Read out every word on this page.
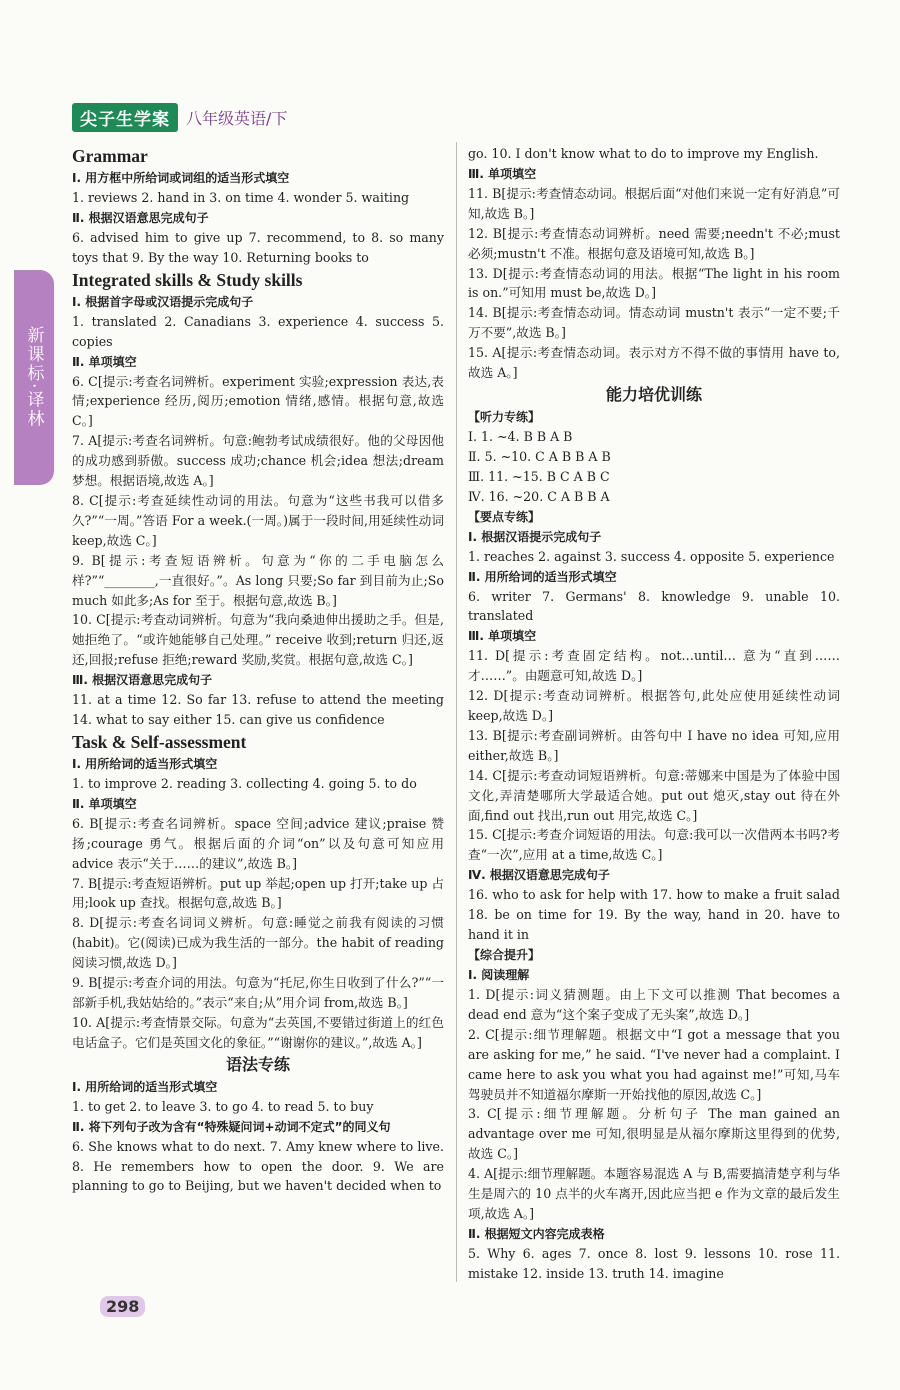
尖子生学案	八年级英语/下
新课标·译林
Grammar
Ⅰ. 用方框中所给词或词组的适当形式填空
1. reviews 2. hand in 3. on time 4. wonder 5. waiting
Ⅱ. 根据汉语意思完成句子
6. advised him to give up 7. recommend, to 8. so many toys that 9. By the way 10. Returning books to
Integrated skills & Study skills
Ⅰ. 根据首字母或汉语提示完成句子
1. translated 2. Canadians 3. experience 4. success 5. copies
Ⅱ. 单项填空
6. C[提示:考查名词辨析。experiment 实验;expression 表达,表情;experience 经历,阅历;emotion 情绪,感情。根据句意,故选 C。]
7. A[提示:考查名词辨析。句意:鲍勃考试成绩很好。他的父母因他的成功感到骄傲。success 成功;chance 机会;idea 想法;dream 梦想。根据语境,故选 A。]
8. C[提示:考查延续性动词的用法。句意为“这些书我可以借多久?”“一周。”答语 For a week.(一周。)属于一段时间,用延续性动词 keep,故选 C。]
9. B[提示:考查短语辨析。句意为“你的二手电脑怎么样?”“________,一直很好。”。As long 只要;So far 到目前为止;So much 如此多;As for 至于。根据句意,故选 B。]
10. C[提示:考查动词辨析。句意为“我向桑迪伸出援助之手。但是,她拒绝了。“或许她能够自己处理。” receive 收到;return 归还,返还,回报;refuse 拒绝;reward 奖励,奖赏。根据句意,故选 C。]
Ⅲ. 根据汉语意思完成句子
11. at a time 12. So far 13. refuse to attend the meeting 14. what to say either 15. can give us confidence
Task & Self-assessment
Ⅰ. 用所给词的适当形式填空
1. to improve 2. reading 3. collecting 4. going 5. to do
Ⅱ. 单项填空
6. B[提示:考查名词辨析。space 空间;advice 建议;praise 赞扬;courage 勇气。根据后面的介词“on”以及句意可知应用 advice 表示“关于……的建议”,故选 B。]
7. B[提示:考查短语辨析。put up 举起;open up 打开;take up 占用;look up 查找。根据句意,故选 B。]
8. D[提示:考查名词词义辨析。句意:睡觉之前我有阅读的习惯(habit)。它(阅读)已成为我生活的一部分。the habit of reading 阅读习惯,故选 D。]
9. B[提示:考查介词的用法。句意为“托尼,你生日收到了什么?”“一部新手机,我姑姑给的。”表示“来自;从”用介词 from,故选 B。]
10. A[提示:考查情景交际。句意为“去英国,不要错过街道上的红色电话盒子。它们是英国文化的象征。”“谢谢你的建议。”,故选 A。]
语法专练
Ⅰ. 用所给词的适当形式填空
1. to get 2. to leave 3. to go 4. to read 5. to buy
Ⅱ. 将下列句子改为含有“特殊疑问词+动词不定式”的同义句
6. She knows what to do next. 7. Amy knew where to live. 8. He remembers how to open the door. 9. We are planning to go to Beijing, but we haven't decided when to
go. 10. I don't know what to do to improve my English.
Ⅲ. 单项填空
11. B[提示:考查情态动词。根据后面“对他们来说一定有好消息”可知,故选 B。]
12. B[提示:考查情态动词辨析。need 需要;needn't 不必;must 必须;mustn't 不准。根据句意及语境可知,故选 B。]
13. D[提示:考查情态动词的用法。根据“The light in his room is on.”可知用 must be,故选 D。]
14. B[提示:考查情态动词。情态动词 mustn't 表示“一定不要;千万不要”,故选 B。]
15. A[提示:考查情态动词。表示对方不得不做的事情用 have to,故选 A。]
能力培优训练
【听力专练】
Ⅰ. 1. ~4. B B A B
Ⅱ. 5. ~10. C A B B A B
Ⅲ. 11. ~15. B C A B C
Ⅳ. 16. ~20. C A B B A
【要点专练】
Ⅰ. 根据汉语提示完成句子
1. reaches 2. against 3. success 4. opposite 5. experience
Ⅱ. 用所给词的适当形式填空
6. writer 7. Germans' 8. knowledge 9. unable 10. translated
Ⅲ. 单项填空
11. D[提示:考查固定结构。not…until… 意为“直到……才……”。由题意可知,故选 D。]
12. D[提示:考查动词辨析。根据答句,此处应使用延续性动词 keep,故选 D。]
13. B[提示:考查副词辨析。由答句中 I have no idea 可知,应用 either,故选 B。]
14. C[提示:考查动词短语辨析。句意:蒂娜来中国是为了体验中国文化,弄清楚哪所大学最适合她。put out 熄灭,stay out 待在外面,find out 找出,run out 用完,故选 C。]
15. C[提示:考查介词短语的用法。句意:我可以一次借两本书吗?考查“一次”,应用 at a time,故选 C。]
Ⅳ. 根据汉语意思完成句子
16. who to ask for help with 17. how to make a fruit salad 18. be on time for 19. By the way, hand in 20. have to hand it in
【综合提升】
Ⅰ. 阅读理解
1. D[提示:词义猜测题。由上下文可以推测 That becomes a dead end 意为“这个案子变成了无头案”,故选 D。]
2. C[提示:细节理解题。根据文中“I got a message that you are asking for me,” he said. “I've never had a complaint. I came here to ask you what you had against me!”可知,马车驾驶员并不知道福尔摩斯一开始找他的原因,故选 C。]
3. C[提示:细节理解题。分析句子 The man gained an advantage over me 可知,很明显是从福尔摩斯这里得到的优势,故选 C。]
4. A[提示:细节理解题。本题容易混选 A 与 B,需要搞清楚亨利与华生是周六的 10 点半的火车离开,因此应当把 e 作为文章的最后发生项,故选 A。]
Ⅱ. 根据短文内容完成表格
5. Why 6. ages 7. once 8. lost 9. lessons 10. rose 11. mistake 12. inside 13. truth 14. imagine
298
